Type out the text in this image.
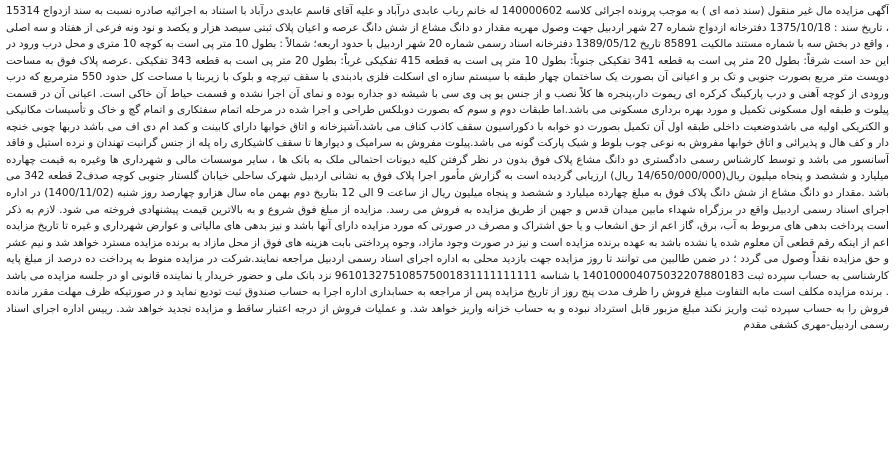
آگهی مزایده مال غیر منقول (سند ذمه ای ) به موجب پرونده اجرائی کلاسه 140000602 له خانم رباب عابدی درآباد و علیه آقای قاسم عابدی درآباد با استناد به اجرائیه صادره نسبت به سند ازدواج 15314 ، تاریخ سند : 1375/10/18 دفترخانه ازدواج شماره 27 شهر اردبیل جهت وصول مهریه مقدار دو دانگ مشاع از شش دانگ عرصه و اعیان پلاک ثبتی سیصد هزار و یکصد و نود ونه فرعی از هفتاد و سه اصلی ، واقع در بخش سه با شماره مستند مالکیت 85891 تاریخ 1389/05/12 دفترخانه اسناد رسمی شماره 20 شهر اردبیل با حدود اربعه؛ شمالاً : بطول 10 متر پی است به کوچه 10 متری و محل درب ورود در این حد است شرقاً: بطول 20 متر پی است به قطعه 341 تفکیکی جنوباً: بطول 10 متر پی است به قطعه 415 تفکیکی غرباً: بطول 20 متر پی است به قطعه 343 تفکیکی .عرصه پلاک فوق به مساحت دویست متر مربع بصورت جنوبی و تک بر و اعیانی آن بصورت یک ساختمان چهار طبقه با سیستم سازه ای اسکلت فلزی بادبندی با سقف تیرچه و بلوک با زیربنا با مساحت کل حدود 550 مترمربع که درب ورودی از کوچه آهنی و درب پارکینگ کرکره ای ریموت دار،پنجره ها کلاً نصب و از جنس یو پی وی سی با شیشه دو جداره بوده و نمای آن اجرا نشده و قسمت حیاط آن خاکی است. اعیانی آن در قسمت پیلوت و طبقه اول مسکونی تکمیل و مورد بهره برداری مسکونی می باشد.اما طبقات دوم و سوم که بصورت دوبلکس طراحی و اجرا شده در مرحله اتمام سفتکاری و اتمام گچ و خاک و تأسیسات مکانیکی و الکتریکی اولیه می باشدوضعیت داخلی طبقه اول آن تکمیل بصورت دو خوابه با دکوراسیون سقف کاذب کناف می باشد،آشپزخانه و اتاق خوابها دارای کابینت و کمد ام دی اف می باشد دربها چوبی خنچه دار و کف هال و پذیرائی و اتاق خوابها مفروش به نوعی چوب بلوط و شیک پارکت گونه می باشد.پیلوت مفروش به سرامیک و دیوارها تا سقف کاشیکاری راه پله از جنس گرانیت تهندان و نرده استیل و فاقد آسانسور می باشد و توسط کارشناس رسمی دادگستری دو دانگ مشاع پلاک فوق بدون در نظر گرفتن کلیه دیونات احتمالی ملک به بانک ها ، سایر موسسات مالی و شهرداری ها وغیره به قیمت چهارده میلیارد و ششصد و پنجاه میلیون ریال(14/650/000/000 ریال) ارزیابی گردیده است به گزارش مأمور اجرا پلاک فوق به نشانی اردبیل شهرک ساحلی خیابان گلستار جنوبی کوچه صدف2 قطعه 342 می باشد .مقدار دو دانگ مشاع از شش دانگ پلاک فوق به مبلغ چهارده میلیارد و ششصد و پنجاه میلیون ریال از ساعت 9 الی 12 بتاریخ دوم بهمن ماه سال هزارو چهارصد روز شنبه (1400/11/02) در اداره اجرای اسناد رسمی اردبیل واقع در برزگراه شهداء مابین میدان قدس و جهین از طریق مزایده به فروش می رسد. مزایده از مبلغ فوق شروع و به بالاترین قیمت پیشنهادی فروخته می شود. لازم به ذکر است پرداخت بدهی های مربوط به آب، برق، گاز اعم از حق انشعاب و یا حق اشتراک و مصرف در صورتی که مورد مزایده دارای آنها باشد و نیز بدهی های مالیاتی و عوارض شهرداری و غیره تا تاریخ مزایده اعم از اینکه رقم قطعی آن معلوم شده یا نشده باشد به عهده برنده مزایده است و نیز در صورت وجود مازاد، وجوه پرداختی بابت هزینه های فوق از محل مازاد به برنده مزایده مسترد خواهد شد و نیم عشر و حق مزایده نقداً وصول می گردد ؛ در ضمن طالبین می توانند تا روز مزایده جهت بازدید محلی به اداره اجرای اسناد رسمی اردبیل مراجعه نمایند.شرکت در مزایده منوط به پرداخت ده درصد از مبلغ پایه کارشناسی به حساب سپرده ثبت 140100004075032207880183 با شناسه 961013275108575001831111111111 نزد بانک ملی و حضور خریدار یا نماینده قانونی او در جلسه مزایده می باشد . برنده مزایده مکلف است مابه التفاوت مبلغ فروش را ظرف مدت پنج روز از تاریخ مزایده پس از مراجعه به حسابداری اداره اجرا به حساب صندوق ثبت تودیع نماید و در صورتیکه ظرف مهلت مقرر مانده فروش را به حساب سپرده ثبت واریز نکند مبلغ مزبور قابل استرداد نبوده و به حساب خزانه واریز خواهد شد. و عملیات فروش از درجه اعتبار ساقط و مزایده تجدید خواهد شد. رییس اداره اجرای اسناد رسمی اردبیل-مهری کشفی مقدم
